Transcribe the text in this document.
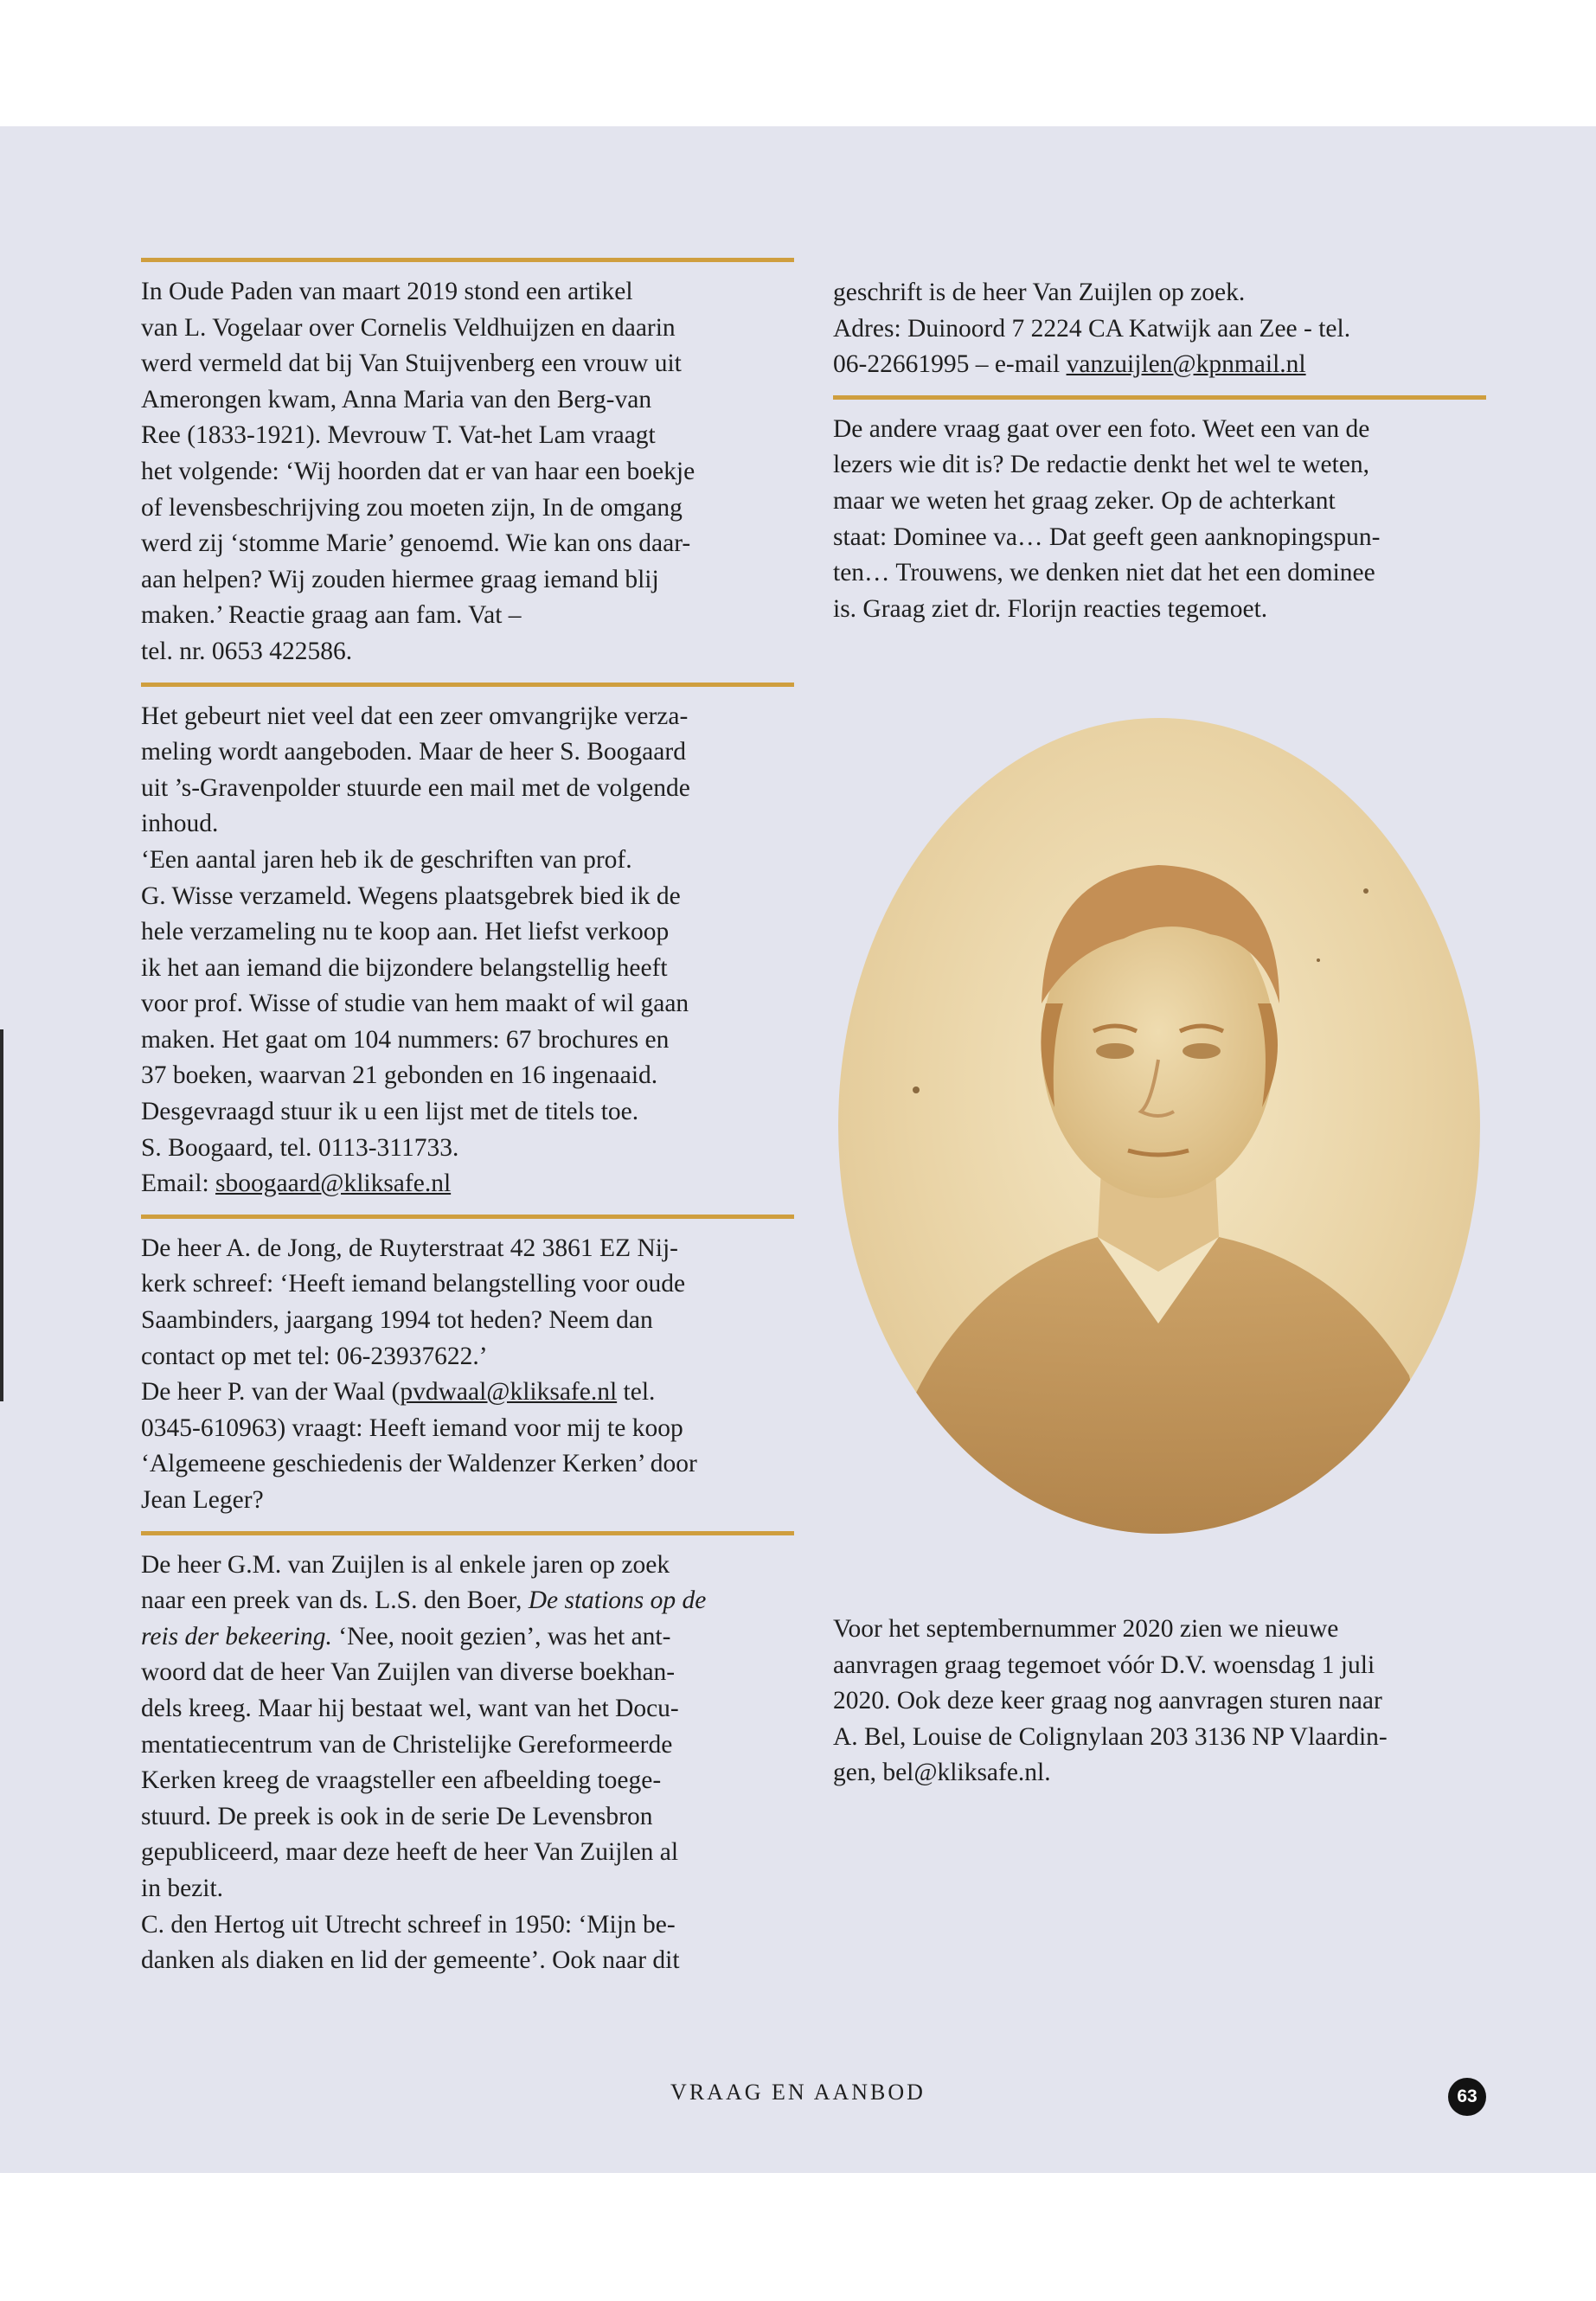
In Oude Paden van maart 2019 stond een artikel
van L. Vogelaar over Cornelis Veldhuijzen en daarin
werd vermeld dat bij Van Stuijvenberg een vrouw uit
Amerongen kwam, Anna Maria van den Berg-van
Ree (1833-1921). Mevrouw T. Vat-het Lam vraagt
het volgende: ‘Wij hoorden dat er van haar een boekje
of levensbeschrijving zou moeten zijn, In de omgang
werd zij ‘stomme Marie’ genoemd. Wie kan ons daar-
aan helpen? Wij zouden hiermee graag iemand blij
maken.’ Reactie graag aan fam. Vat –
tel. nr. 0653 422586.

Het gebeurt niet veel dat een zeer omvangrijke verza-
meling wordt aangeboden. Maar de heer S. Boogaard
uit ’s-Gravenpolder stuurde een mail met de volgende
inhoud.
‘Een aantal jaren heb ik de geschriften van prof.
G. Wisse verzameld. Wegens plaatsgebrek bied ik de
hele verzameling nu te koop aan. Het liefst verkoop
ik het aan iemand die bijzondere belangstellig heeft
voor prof. Wisse of studie van hem maakt of wil gaan
maken. Het gaat om 104 nummers: 67 brochures en
37 boeken, waarvan 21 gebonden en 16 ingenaaid.
Desgevraagd stuur ik u een lijst met de titels toe.
S. Boogaard, tel. 0113-311733.
Email: sboogaard@kliksafe.nl

De heer A. de Jong, de Ruyterstraat 42 3861 EZ Nij-
kerk schreef: ‘Heeft iemand belangstelling voor oude
Saambinders, jaargang 1994 tot heden? Neem dan
contact op met tel: 06-23937622.’
De heer P. van der Waal (pvdwaal@kliksafe.nl tel.
0345-610963) vraagt: Heeft iemand voor mij te koop
‘Algemeene geschiedenis der Waldenzer Kerken’ door
Jean Leger?

De heer G.M. van Zuijlen is al enkele jaren op zoek
naar een preek van ds. L.S. den Boer, De stations op de
reis der bekeering. ‘Nee, nooit gezien’, was het ant-
woord dat de heer Van Zuijlen van diverse boekhan-
dels kreeg. Maar hij bestaat wel, want van het Docu-
mentatiecentrum van de Christelijke Gereformeerde
Kerken kreeg de vraagsteller een afbeelding toege-
stuurd. De preek is ook in de serie De Levensbron
gepubliceerd, maar deze heeft de heer Van Zuijlen al
in bezit.
C. den Hertog uit Utrecht schreef in 1950: ‘Mijn be-
danken als diaken en lid der gemeente’. Ook naar dit

geschrift is de heer Van Zuijlen op zoek.
Adres: Duinoord 7 2224 CA Katwijk aan Zee - tel.
06-22661995 – e-mail vanzuijlen@kpnmail.nl

De andere vraag gaat over een foto. Weet een van de
lezers wie dit is? De redactie denkt het wel te weten,
maar we weten het graag zeker. Op de achterkant
staat: Dominee va… Dat geeft geen aanknopingspun-
ten… Trouwens, we denken niet dat het een dominee
is. Graag ziet dr. Florijn reacties tegemoet.

Voor het septembernummer 2020 zien we nieuwe
aanvragen graag tegemoet vóór D.V. woensdag 1 juli
2020. Ook deze keer graag nog aanvragen sturen naar
A. Bel, Louise de Colignylaan 203 3136 NP Vlaardin-
gen, bel@kliksafe.nl.

VRAAG EN AANBOD	63
